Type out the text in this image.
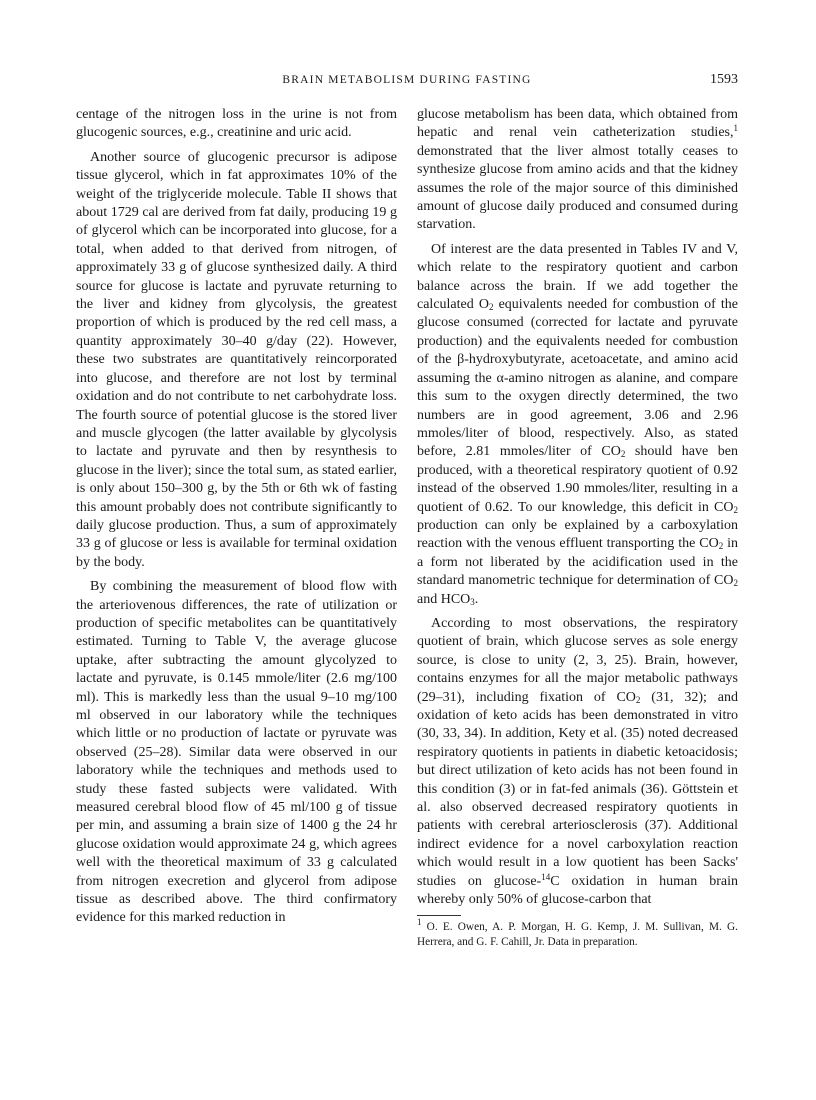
BRAIN METABOLISM DURING FASTING	1593

centage of the nitrogen loss in the urine is not from glucogenic sources, e.g., creatinine and uric acid.

Another source of glucogenic precursor is adipose tissue glycerol, which in fat approximates 10% of the weight of the triglyceride molecule. Table II shows that about 1729 cal are derived from fat daily, producing 19 g of glycerol which can be incorporated into glucose, for a total, when added to that derived from nitrogen, of approximately 33 g of glucose synthesized daily. A third source for glucose is lactate and pyruvate returning to the liver and kidney from glycolysis, the greatest proportion of which is produced by the red cell mass, a quantity approximately 30–40 g/day (22). However, these two substrates are quantitatively reincorporated into glucose, and therefore are not lost by terminal oxidation and do not contribute to net carbohydrate loss. The fourth source of potential glucose is the stored liver and muscle glycogen (the latter available by glycolysis to lactate and pyruvate and then by resynthesis to glucose in the liver); since the total sum, as stated earlier, is only about 150–300 g, by the 5th or 6th wk of fasting this amount probably does not contribute significantly to daily glucose production. Thus, a sum of approximately 33 g of glucose or less is available for terminal oxidation by the body.

By combining the measurement of blood flow with the arteriovenous differences, the rate of utilization or production of specific metabolites can be quantitatively estimated. Turning to Table V, the average glucose uptake, after subtracting the amount glycolyzed to lactate and pyruvate, is 0.145 mmole/liter (2.6 mg/100 ml). This is markedly less than the usual 9–10 mg/100 ml observed in our laboratory while the techniques which little or no production of lactate or pyruvate was observed (25–28). Similar data were observed in our laboratory while the techniques and methods used to study these fasted subjects were validated. With measured cerebral blood flow of 45 ml/100 g of tissue per min, and assuming a brain size of 1400 g the 24 hr glucose oxidation would approximate 24 g, which agrees well with the theoretical maximum of 33 g calculated from nitrogen execretion and glycerol from adipose tissue as described above. The third confirmatory evidence for this marked reduction in

glucose metabolism has been data, which obtained from hepatic and renal vein catheterization studies,$^1$ demonstrated that the liver almost totally ceases to synthesize glucose from amino acids and that the kidney assumes the role of the major source of this diminished amount of glucose daily produced and consumed during starvation.

Of interest are the data presented in Tables IV and V, which relate to the respiratory quotient and carbon balance across the brain. If we add together the calculated $O_2$ equivalents needed for combustion of the glucose consumed (corrected for lactate and pyruvate production) and the equivalents needed for combustion of the β-hydroxybutyrate, acetoacetate, and amino acid assuming the α-amino nitrogen as alanine, and compare this sum to the oxygen directly determined, the two numbers are in good agreement, 3.06 and 2.96 mmoles/liter of blood, respectively. Also, as stated before, 2.81 mmoles/liter of $CO_2$ should have ben produced, with a theoretical respiratory quotient of 0.92 instead of the observed 1.90 mmoles/liter, resulting in a quotient of 0.62. To our knowledge, this deficit in $CO_2$ production can only be explained by a carboxylation reaction with the venous effluent transporting the $CO_2$ in a form not liberated by the acidification used in the standard manometric technique for determination of $CO_2$ and $HCO_3$.

According to most observations, the respiratory quotient of brain, which glucose serves as sole energy source, is close to unity (2, 3, 25). Brain, however, contains enzymes for all the major metabolic pathways (29–31), including fixation of $CO_2$ (31, 32); and oxidation of keto acids has been demonstrated in vitro (30, 33, 34). In addition, Kety et al. (35) noted decreased respiratory quotients in patients in diabetic ketoacidosis; but direct utilization of keto acids has not been found in this condition (3) or in fat-fed animals (36). Göttstein et al. also observed decreased respiratory quotients in patients with cerebral arteriosclerosis (37). Additional indirect evidence for a novel carboxylation reaction which would result in a low quotient has been Sacks' studies on glucose-$^{14}$C oxidation in human brain whereby only 50% of glucose-carbon that

$^1$ O. E. Owen, A. P. Morgan, H. G. Kemp, J. M. Sullivan, M. G. Herrera, and G. F. Cahill, Jr. Data in preparation.
